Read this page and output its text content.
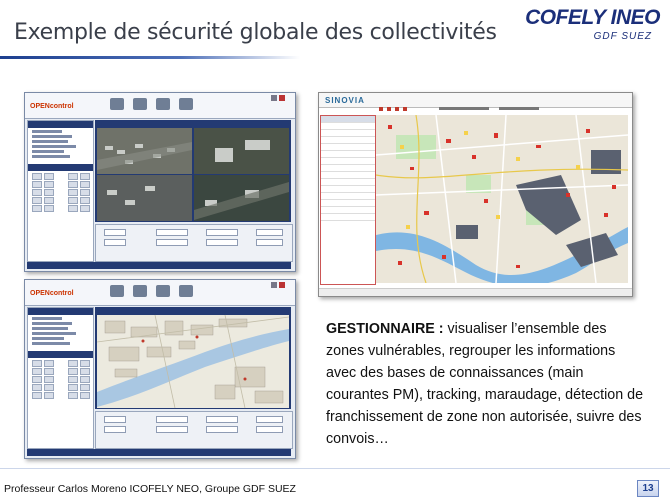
Exemple de sécurité globale des collectivités
COFELY INEO
GDF SUEZ
OPENcontrol
OPENcontrol
SINOVIA
GESTIONNAIRE : visualiser l’ensemble des zones vulnérables, regrouper les informations avec des bases de connaissances (main courantes PM), tracking, maraudage, détection de franchissement de zone non autorisée, suivre des convois…
Professeur Carlos Moreno ICOFELY NEO, Groupe GDF SUEZ	13
